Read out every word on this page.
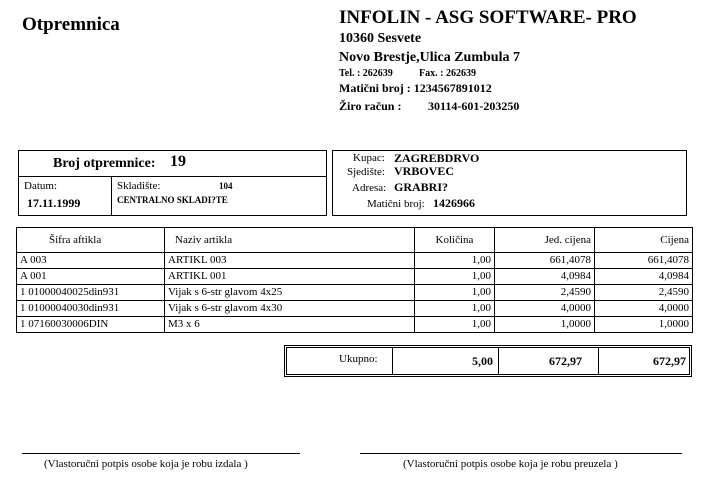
Otpremnica	INFOLIN - ASG SOFTWARE- PRO
10360 Sesvete
Novo Brestje,Ulica Zumbula 7
Tel. : 262639	Fax. : 262639
Matični broj : 1234567891012
Žiro račun : 30114-601-203250
Broj otpremnice: 19
Datum:
17.11.1999
Skladište:	104
CENTRALNO SKLADI?TE
Kupac: ZAGREBDRVO
Sjedište: VRBOVEC
Adresa: GRABRI?
Matični broj: 1426966
Šifra aftikla	Naziv artikla	Količina	Jed. cijena	Cijena
A 003	ARTIKL 003	1,00	661,4078	661,4078
A 001	ARTIKL 001	1,00	4,0984	4,0984
1 01000040025din931	Vijak s 6-str glavom 4x25	1,00	2,4590	2,4590
1 01000040030din931	Vijak s 6-str glavom 4x30	1,00	4,0000	4,0000
1 07160030006DIN	M3 x 6	1,00	1,0000	1,0000
Ukupno:	5,00	672,97	672,97
(Vlastoručni potpis osobe koja je robu izdala )	(Vlastoručni potpis osobe koja je robu preuzela )
